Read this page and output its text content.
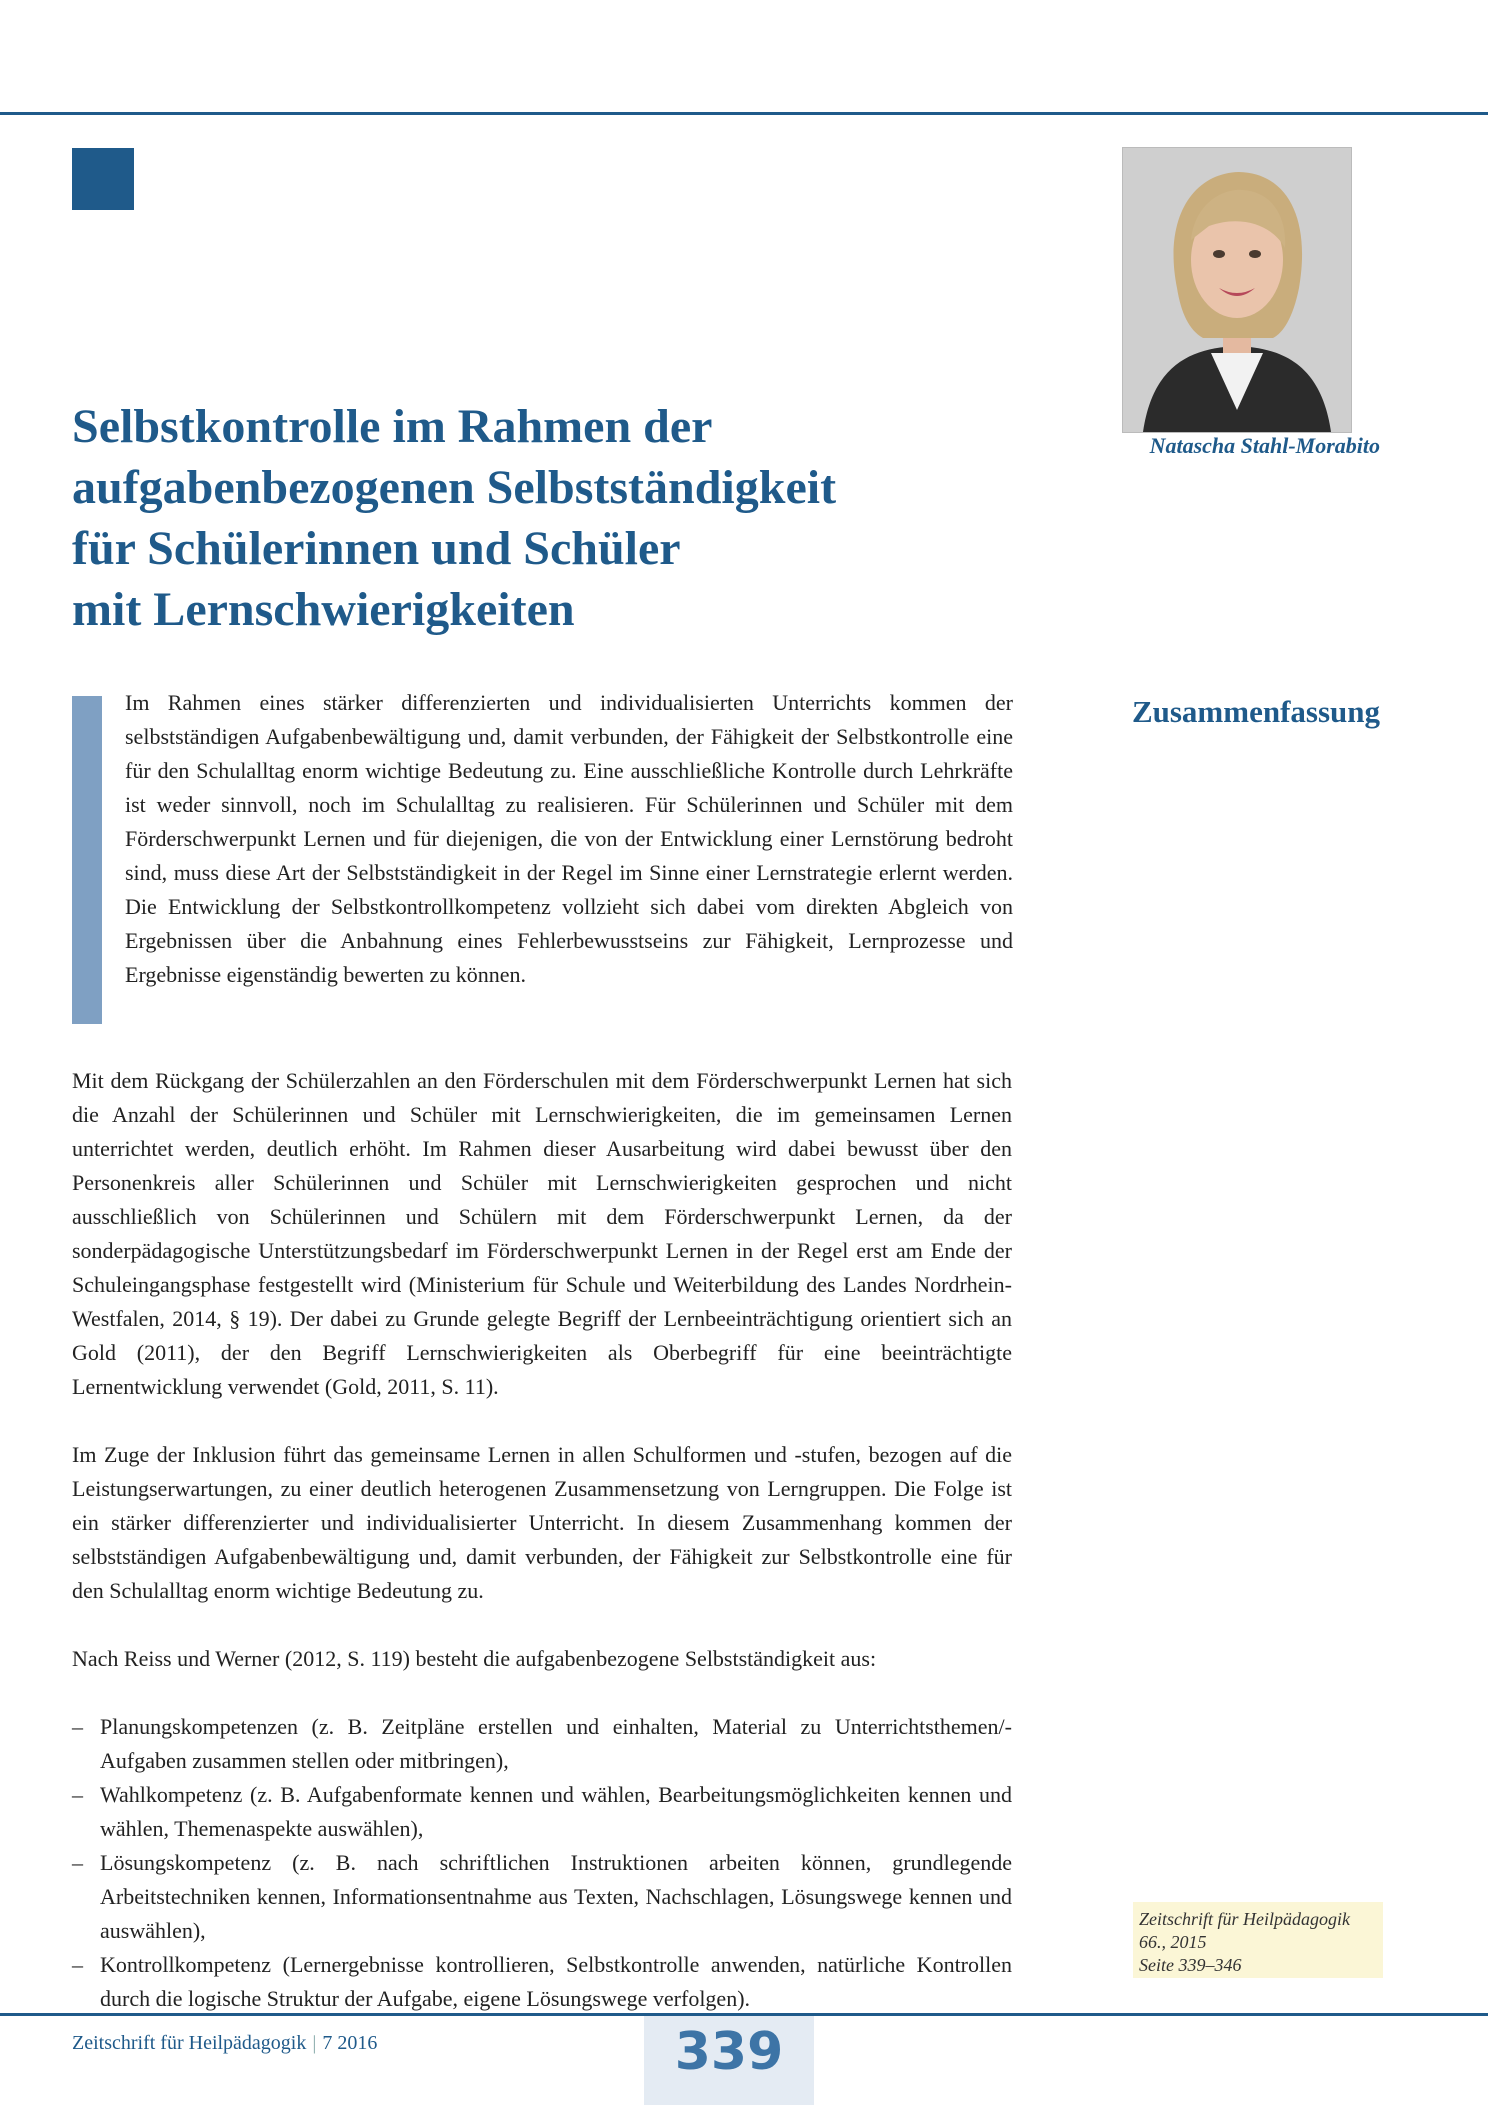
Natascha Stahl-Morabito
Selbstkontrolle im Rahmen der
aufgabenbezogenen Selbstständigkeit
für Schülerinnen und Schüler
mit Lernschwierigkeiten
Im Rahmen eines stärker differenzierten und individualisierten Unterrichts kommen der selbstständigen Aufgabenbewältigung und, damit verbunden, der Fähigkeit der Selbstkontrolle eine für den Schulalltag enorm wichtige Bedeutung zu. Eine ausschließliche Kontrolle durch Lehrkräfte ist weder sinnvoll, noch im Schulalltag zu realisieren. Für Schülerinnen und Schüler mit dem Förderschwerpunkt Lernen und für diejenigen, die von der Entwicklung einer Lernstörung bedroht sind, muss diese Art der Selbstständigkeit in der Regel im Sinne einer Lernstrategie erlernt werden. Die Entwicklung der Selbstkontrollkompetenz vollzieht sich dabei vom direkten Abgleich von Ergebnissen über die Anbahnung eines Fehlerbewusstseins zur Fähigkeit, Lernprozesse und Ergebnisse eigenständig bewerten zu können.
Zusammenfassung

Mit dem Rückgang der Schülerzahlen an den Förderschulen mit dem Förderschwerpunkt Lernen hat sich die Anzahl der Schülerinnen und Schüler mit Lernschwierigkeiten, die im gemeinsamen Lernen unterrichtet werden, deutlich erhöht. Im Rahmen dieser Ausarbeitung wird dabei bewusst über den Personenkreis aller Schülerinnen und Schüler mit Lernschwierigkeiten gesprochen und nicht ausschließlich von Schülerinnen und Schülern mit dem Förderschwerpunkt Lernen, da der sonderpädagogische Unterstützungsbedarf im Förderschwerpunkt Lernen in der Regel erst am Ende der Schuleingangsphase festgestellt wird (Ministerium für Schule und Weiterbildung des Landes Nordrhein-Westfalen, 2014, § 19). Der dabei zu Grunde gelegte Begriff der Lernbeeinträchtigung orientiert sich an Gold (2011), der den Begriff Lernschwierigkeiten als Oberbegriff für eine beeinträchtigte Lernentwicklung verwendet (Gold, 2011, S. 11).

Im Zuge der Inklusion führt das gemeinsame Lernen in allen Schulformen und -stufen, bezogen auf die Leistungserwartungen, zu einer deutlich heterogenen Zusammensetzung von Lerngruppen. Die Folge ist ein stärker differenzierter und individualisierter Unterricht. In diesem Zusammenhang kommen der selbstständigen Aufgabenbewältigung und, damit verbunden, der Fähigkeit zur Selbstkontrolle eine für den Schulalltag enorm wichtige Bedeutung zu.

Nach Reiss und Werner (2012, S. 119) besteht die aufgabenbezogene Selbstständigkeit aus:

– Planungskompetenzen (z. B. Zeitpläne erstellen und einhalten, Material zu Unterrichtsthemen/-Aufgaben zusammen stellen oder mitbringen),
– Wahlkompetenz (z. B. Aufgabenformate kennen und wählen, Bearbeitungsmöglichkeiten kennen und wählen, Themenaspekte auswählen),
– Lösungskompetenz (z. B. nach schriftlichen Instruktionen arbeiten können, grundlegende Arbeitstechniken kennen, Informationsentnahme aus Texten, Nachschlagen, Lösungswege kennen und auswählen),
– Kontrollkompetenz (Lernergebnisse kontrollieren, Selbstkontrolle anwenden, natürliche Kontrollen durch die logische Struktur der Aufgabe, eigene Lösungswege verfolgen).
Zeitschrift für Heilpädagogik
66., 2015
Seite 339–346
Zeitschrift für Heilpädagogik | 7 2016	339
